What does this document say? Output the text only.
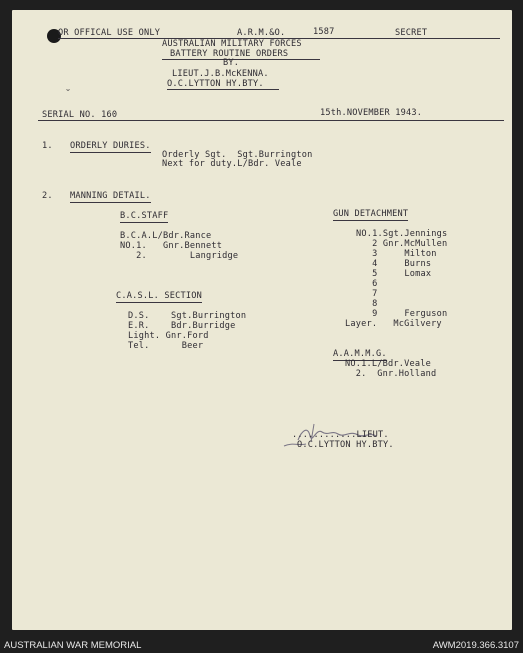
OR OFFICAL USE ONLY	A.R.M.&O.	1587	SECRET
AUSTRALIAN MILITARY FORCES
BATTERY ROUTINE ORDERS
BY.
LIEUT.J.B.McKENNA.
O.C.LYTTON HY.BTY.
˘
SERIAL NO. 160	15th.NOVEMBER 1943.
1. ORDERLY DURIES.
Orderly Sgt.  Sgt.Burrington
Next for duty.L/Bdr. Veale
2. MANNING DETAIL.
B.C.STAFF
B.C.A.L/Bdr.Rance
NO.1.   Gnr.Bennett
2.        Langridge
C.A.S.L. SECTION
D.S.    Sgt.Burrington
E.R.    Bdr.Burridge
Light. Gnr.Ford
Tel.      Beer
GUN DETACHMENT
NO.1.Sgt.Jennings
2 Gnr.McMullen
3     Milton
4     Burns
5     Lomax
6
7
8
9     Ferguson
Layer.   McGilvery
A.A.M.M.G.
NO.1.L/Bdr.Veale
2.  Gnr.Holland
............LIEUT.
O.C.LYTTON HY.BTY.
AUSTRALIAN WAR MEMORIAL	AWM2019.366.3107
